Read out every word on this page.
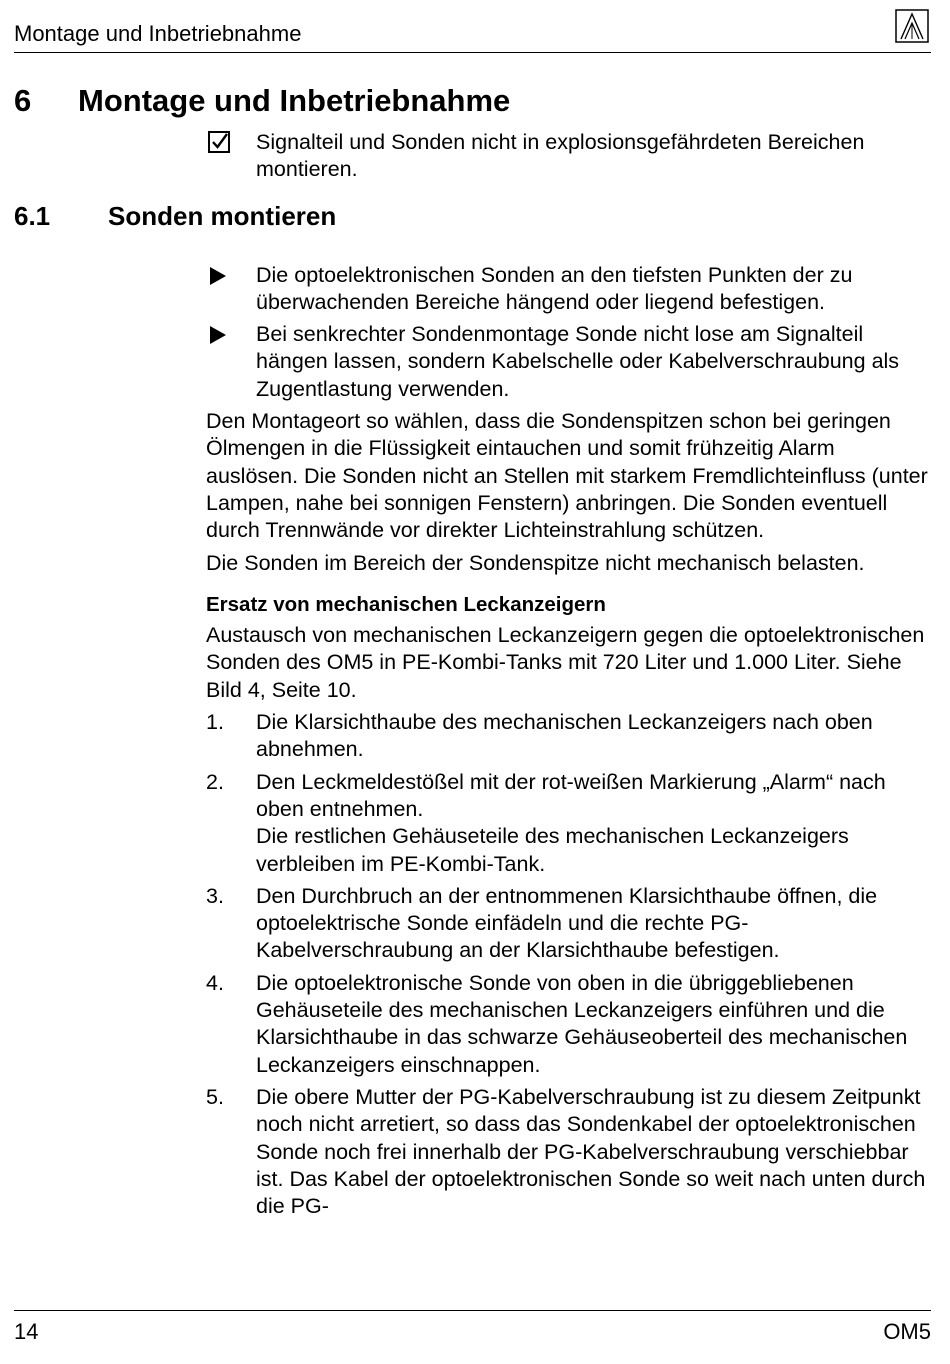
Montage und Inbetriebnahme
6 Montage und Inbetriebnahme
6.1 Sonden montieren

Signalteil und Sonden nicht in explosionsgefährdeten Bereichen montieren.

Die optoelektronischen Sonden an den tiefsten Punkten der zu überwachenden Bereiche hängend oder liegend befestigen.

Bei senkrechter Sondenmontage Sonde nicht lose am Signalteil hängen lassen, sondern Kabelschelle oder Kabelverschraubung als Zugentlastung verwenden.

Den Montageort so wählen, dass die Sondenspitzen schon bei geringen Ölmengen in die Flüssigkeit eintauchen und somit frühzeitig Alarm auslösen. Die Sonden nicht an Stellen mit starkem Fremdlichteinfluss (unter Lampen, nahe bei sonnigen Fenstern) anbringen. Die Sonden eventuell durch Trennwände vor direkter Lichteinstrahlung schützen.

Die Sonden im Bereich der Sondenspitze nicht mechanisch belasten.

Ersatz von mechanischen Leckanzeigern

Austausch von mechanischen Leckanzeigern gegen die optoelektronischen Sonden des OM5 in PE-Kombi-Tanks mit 720 Liter und 1.000 Liter. Siehe Bild 4, Seite 10.

1.	Die Klarsichthaube des mechanischen Leckanzeigers nach oben abnehmen.

2.	Den Leckmeldestößel mit der rot-weißen Markierung „Alarm“ nach oben entnehmen.

Die restlichen Gehäuseteile des mechanischen Leckanzeigers verbleiben im PE-Kombi-Tank.

3.	Den Durchbruch an der entnommenen Klarsichthaube öffnen, die optoelektrische Sonde einfädeln und die rechte PG-Kabelverschraubung an der Klarsichthaube befestigen.

4.	Die optoelektronische Sonde von oben in die übriggebliebenen Gehäuseteile des mechanischen Leckanzeigers einführen und die Klarsichthaube in das schwarze Gehäuseoberteil des mechanischen Leckanzeigers einschnappen.

5.	Die obere Mutter der PG-Kabelverschraubung ist zu diesem Zeitpunkt noch nicht arretiert, so dass das Sondenkabel der optoelektronischen Sonde noch frei innerhalb der PG-Kabelverschraubung verschiebbar ist. Das Kabel der optoelektronischen Sonde so weit nach unten durch die PG-

14	OM5
